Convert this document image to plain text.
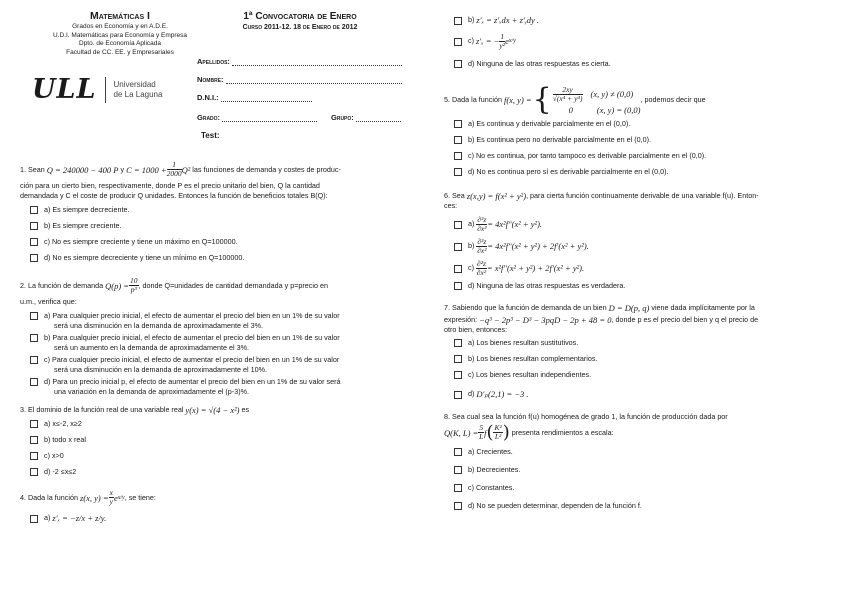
Matemáticas I
Grados en Economía y en A.D.E.
U.D.I. Matemáticas para Economía y Empresa
Dpto. de Economía Aplicada
Facultad de CC. EE. y Empresariales
ULL Universidad
de La Laguna
1ª Convocatoria de Enero
Curso 2011-12. 18 de Enero de 2012
Apellidos:
Nombre:
D.N.I.:
Grado:	Grupo:
Test:
1. Sean
Q = 240000 − 400 P
y
$C = 1000 + \frac{1}{2000} Q^2$
las funciones de demanda y costes de produc-
ción para un cierto bien, respectivamente, donde P es el precio unitario del bien, Q la cantidad
demandada y C el coste de producir Q unidades. Entonces la función de beneficios totales B(Q):
a) Es siempre decreciente.
b) Es siempre creciente.
c) No es siempre creciente y tiene un máximo en Q=100000.
d) No es siempre decreciente y tiene un mínimo en Q=100000.
2. La función de demanda
$Q(p) = \frac{10}{\text{p³}}$ , donde Q=unidades de cantidad demandada y p=precio en
u.m., verifica que:
a) Para cualquier precio inicial, el efecto de aumentar el precio del bien en un 1% de su valor
será una disminución en la demanda de aproximadamente el 3%.
b) Para cualquier precio inicial, el efecto de aumentar el precio del bien en un 1% de su valor
será un aumento en la demanda de aproximadamente el 3%.
c) Para cualquier precio inicial, el efecto de aumentar el precio del bien en un 1% de su valor
será una disminución en la demanda de aproximadamente el 10%.
d) Para un precio inicial p, el efecto de aumentar el precio del bien en un 1% de su valor será
una variación en la demanda de aproximadamente el (p-3)%.
3. El dominio de la función real de una variable real
y(x) = √(4 − x²)
es
a) x≤-2, x≥2
b) todo x real
c) x>0
d) -2 ≤x≤2
4. Dada la función
z(x, $y) = \frac{x}{y}$ e x/y , se tiene:
a)
z′ₓ = −z/x + z/y.
b)
z′ₓ = z′ₓdx + z′ᵧdy .
c)
z′ₓ = − $\frac{1}{\text{y²}}$ e x/y
d) Ninguna de las otras respuestas es cierta.
5. Dada la función
f(x, y) = { $\frac{2xy}{\text{√(x⁴ + y⁴)}} (x$, y) ≠ (0,0)
0	(x, y) = (0,0)
, podemos decir que
a) Es continua y derivable parcialmente en el (0,0).
b) Es continua pero no derivable parcialmente en el (0,0).
c) No es continua, por tanto tampoco es derivable parcialmente en el (0,0).
d) No es continua pero sí es derivable parcialmente en el (0,0).
6. Sea
z(x,y) = f(x² + y²) , para cierta función continuamente derivable de una variable f(u). Enton-
ces:
a)
$\frac{\text{∂²z}}{\text{∂x²}} = 4x^2f''(x^2 + y^2)$.
b)
$\frac{\text{∂²z}}{\text{∂x²}} = 4x^2f''(x^2 + y^2) + 2f'(x^2 + y^2)$.
c)
$\frac{\text{∂²z}}{\text{∂x²}} = x^2f''(x^2 + y^2) + 2f'(x^2 + y^2)$.
d) Ninguna de las otras respuestas es verdadera.
7. Sabiendo que la función de demanda de un bien
D = D(p, q)
viene dada implícitamente por la
expresión:
−q³ − 2p³ − D³ − 3pqD − 2p + 48 = 0 , donde p es el precio del bien y q el precio de
otro bien, entonces:
a) Los bienes resultan sustitutivos.
b) Los bienes resultan complementarios.
c) Los bienes resultan independientes.
d)
D′ₚ(2,1) = −3 .
8. Sea cual sea la función f(u) homogénea de grado 1, la función de producción dada por
Q(K, $L) = \frac{5}{L}$ f ( $\frac{\text{K²}}{\text{L²}}$ )
presenta rendimientos a escala:
a) Crecientes.
b) Decrecientes.
c) Constantes.
d) No se pueden determinar, dependen de la función f.
